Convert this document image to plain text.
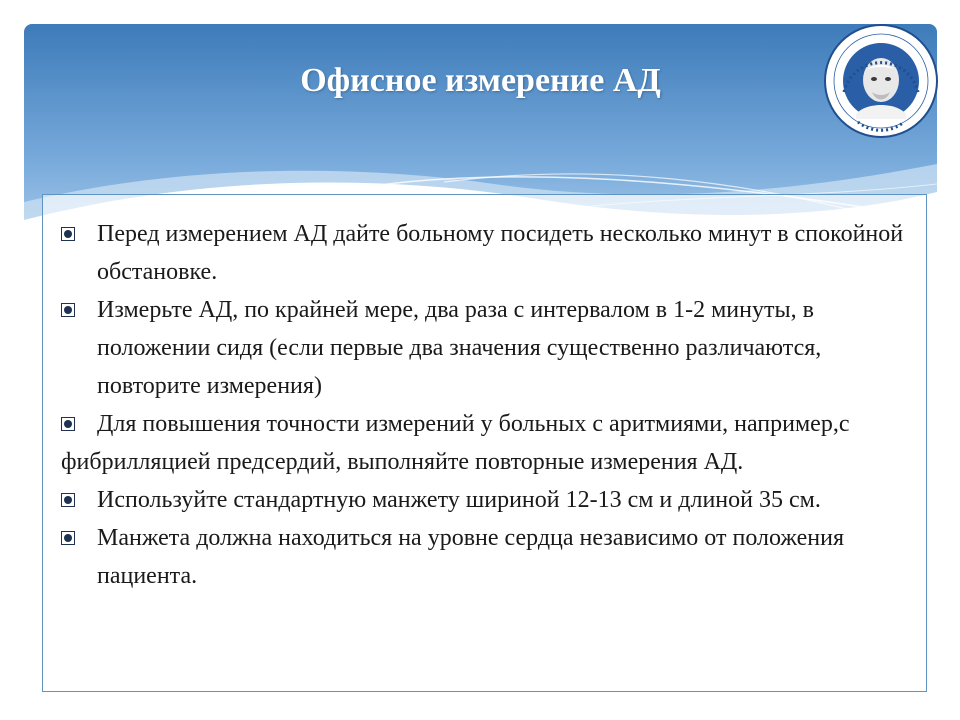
Офисное измерение АД
Перед измерением АД дайте больному посидеть несколько минут в спокойной обстановке.
Измерьте АД, по крайней мере, два раза с интервалом в 1-2 минуты, в положении сидя (если первые два значения существенно различаются, повторите измерения)
Для повышения точности измерений у больных с аритмиями, например,с фибрилляцией предсердий, выполняйте повторные измерения АД.
Используйте стандартную манжету шириной 12-13 см и длиной 35 см.
Манжета должна находиться на уровне сердца независимо от положения пациента.
